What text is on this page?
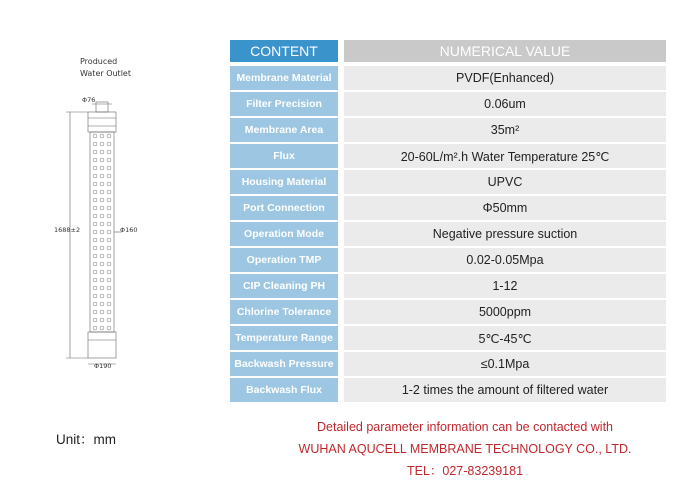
Produced
Water Outlet
Φ76
1688±2	Φ160
Φ190
CONTENT	NUMERICAL VALUE
Membrane Material	PVDF(Enhanced)
Filter Precision	0.06um
Membrane Area	35m²
Flux	20-60L/m².h Water Temperature 25℃
Housing Material	UPVC
Port Connection	Φ50mm
Operation Mode	Negative pressure suction
Operation TMP	0.02-0.05Mpa
CIP Cleaning PH	1-12
Chlorine Tolerance	5000ppm
Temperature Range	5℃-45℃
Backwash Pressure	≤0.1Mpa
Backwash Flux	1-2 times the amount of filtered water
Unit：mm
Detailed parameter information can be contacted with
WUHAN AQUCELL MEMBRANE TECHNOLOGY CO., LTD.
TEL：027-83239181
